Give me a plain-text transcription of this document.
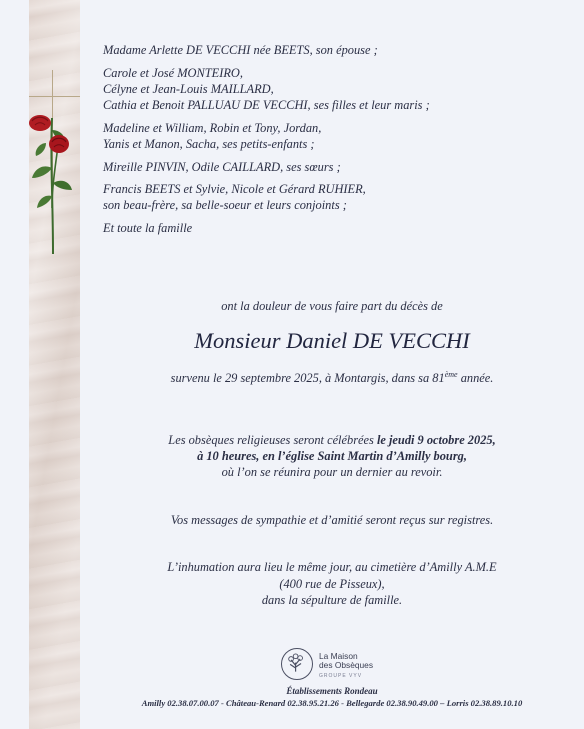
Madame Arlette DE VECCHI née BEETS, son épouse ;
Carole et José MONTEIRO,
Célyne et Jean-Louis MAILLARD,
Cathia et Benoit PALLUAU DE VECCHI, ses filles et leur maris ;
Madeline et William, Robin et Tony, Jordan,
Yanis et Manon, Sacha, ses petits-enfants ;
Mireille PINVIN, Odile CAILLARD, ses sœurs ;
Francis BEETS et Sylvie, Nicole et Gérard RUHIER,
son beau-frère, sa belle-soeur et leurs conjoints ;
Et toute la famille
ont la douleur de vous faire part du décès de
Monsieur Daniel DE VECCHI
survenu le 29 septembre 2025, à Montargis, dans sa 81ème année.
Les obsèques religieuses seront célébrées le jeudi 9 octobre 2025,
à 10 heures, en l’église Saint Martin d’Amilly bourg,
où l’on se réunira pour un dernier au revoir.
Vos messages de sympathie et d’amitié seront reçus sur registres.
L’inhumation aura lieu le même jour, au cimetière d’Amilly A.M.E
(400 rue de Pisseux),
dans la sépulture de famille.
La Maison
des Obsèques
GROUPE VYV
Établissements Rondeau
Amilly 02.38.07.00.07 - Château-Renard 02.38.95.21.26 - Bellegarde 02.38.90.49.00 – Lorris 02.38.89.10.10
